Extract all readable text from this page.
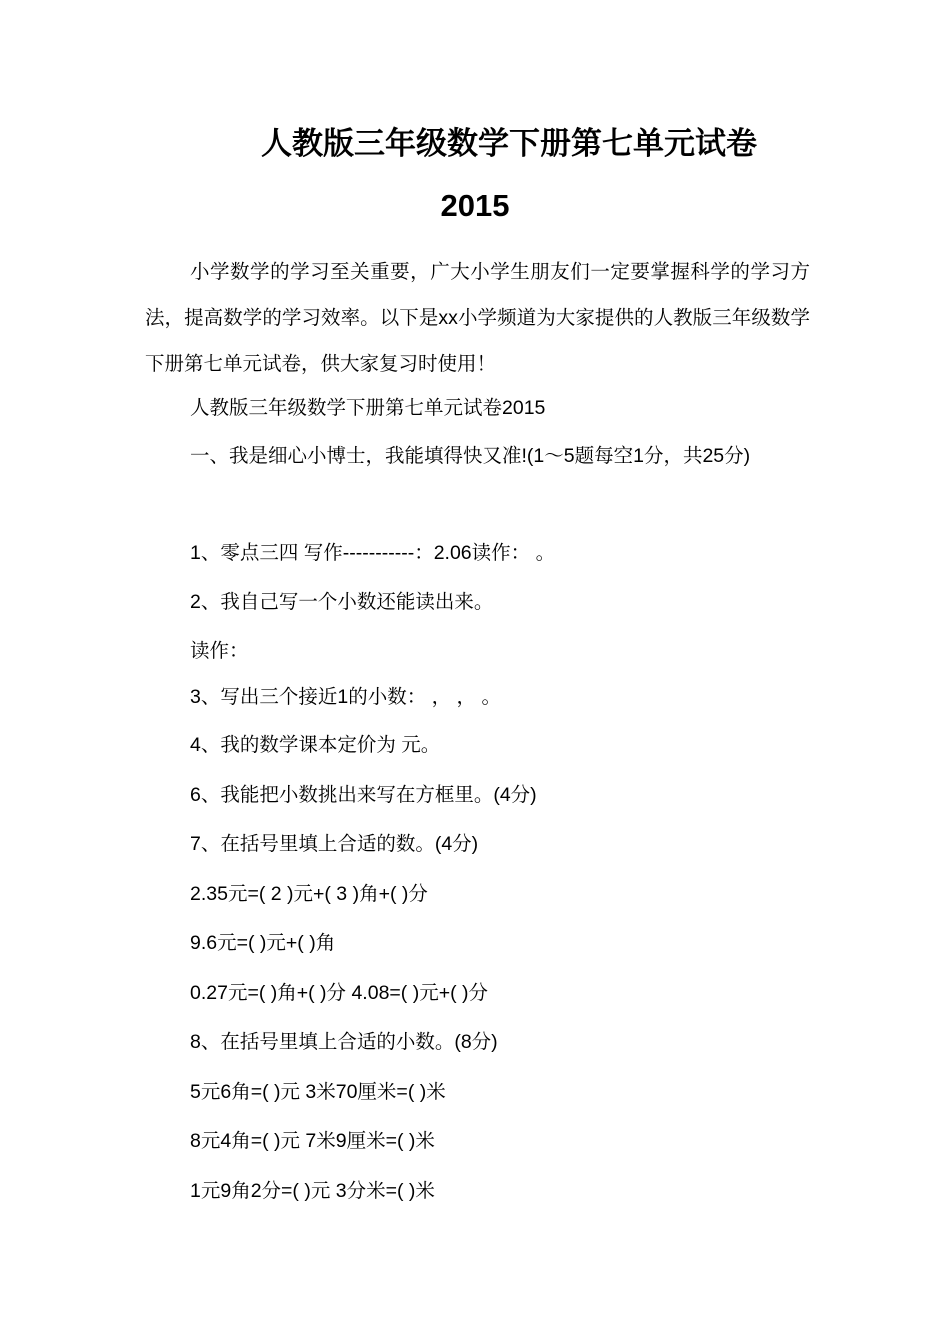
人教版三年级数学下册第七单元试卷
2015
小学数学的学习至关重要，广大小学生朋友们一定要掌握科学的学习方法，提高数学的学习效率。以下是xx小学频道为大家提供的人教版三年级数学下册第七单元试卷，供大家复习时使用！
人教版三年级数学下册第七单元试卷2015
一、我是细心小博士，我能填得快又准!(1～5题每空1分，共25分)
1、零点三四 写作-----------：2.06读作： 。
2、我自己写一个小数还能读出来。
读作：
3、写出三个接近1的小数： ， ， 。
4、我的数学课本定价为 元。
6、我能把小数挑出来写在方框里。(4分)
7、在括号里填上合适的数。(4分)
2.35元=( 2 )元+( 3 )角+( )分
9.6元=( )元+( )角
0.27元=( )角+( )分 4.08=( )元+( )分
8、在括号里填上合适的小数。(8分)
5元6角=( )元 3米70厘米=( )米
8元4角=( )元 7米9厘米=( )米
1元9角2分=( )元 3分米=( )米
